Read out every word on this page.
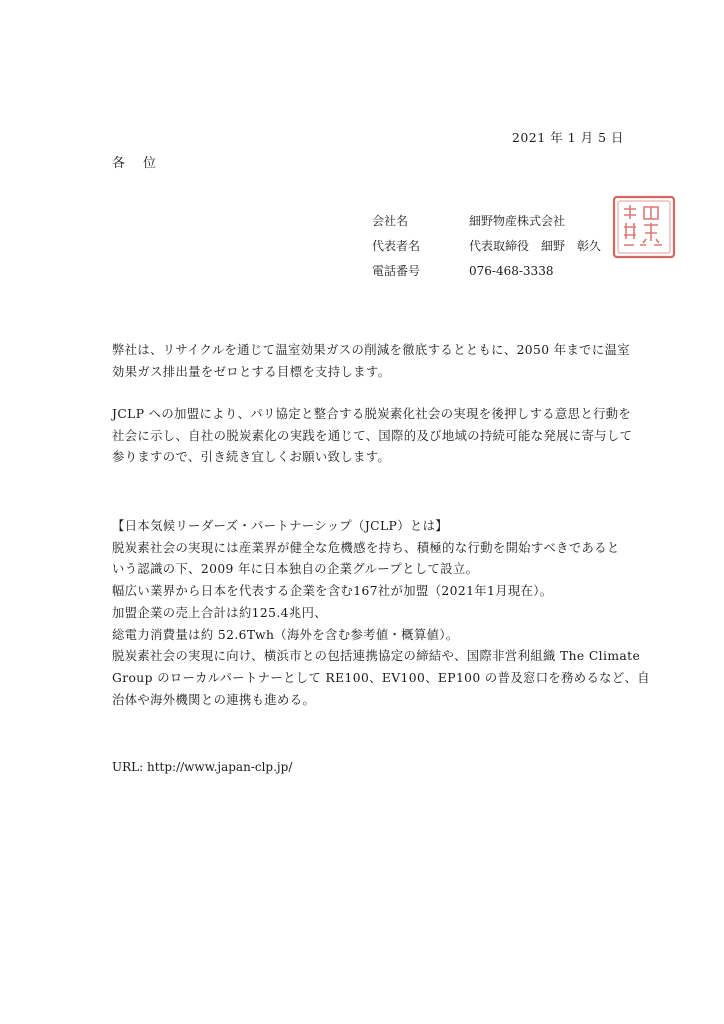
2021 年 1 月 5 日
各位
会社名	細野物産株式会社
代表者名	代表取締役　細野　彰久
電話番号	076-468-3338
弊社は、リサイクルを通じて温室効果ガスの削減を徹底するとともに、2050 年までに温室
効果ガス排出量をゼロとする目標を支持します。
JCLP への加盟により、パリ協定と整合する脱炭素化社会の実現を後押しする意思と行動を
社会に示し、自社の脱炭素化の実践を通じて、国際的及び地域の持続可能な発展に寄与して
参りますので、引き続き宜しくお願い致します。
【日本気候リーダーズ・パートナーシップ（JCLP）とは】
脱炭素社会の実現には産業界が健全な危機感を持ち、積極的な行動を開始すべきであると
いう認識の下、2009 年に日本独自の企業グループとして設立。
幅広い業界から日本を代表する企業を含む167社が加盟（2021年1月現在）。
加盟企業の売上合計は約125.4兆円、
総電力消費量は約 52.6Twh（海外を含む参考値・概算値）。
脱炭素社会の実現に向け、横浜市との包括連携協定の締結や、国際非営利組織 The Climate
Group のローカルパートナーとして RE100、EV100、EP100 の普及窓口を務めるなど、自
治体や海外機関との連携も進める。
URL: http://www.japan-clp.jp/
